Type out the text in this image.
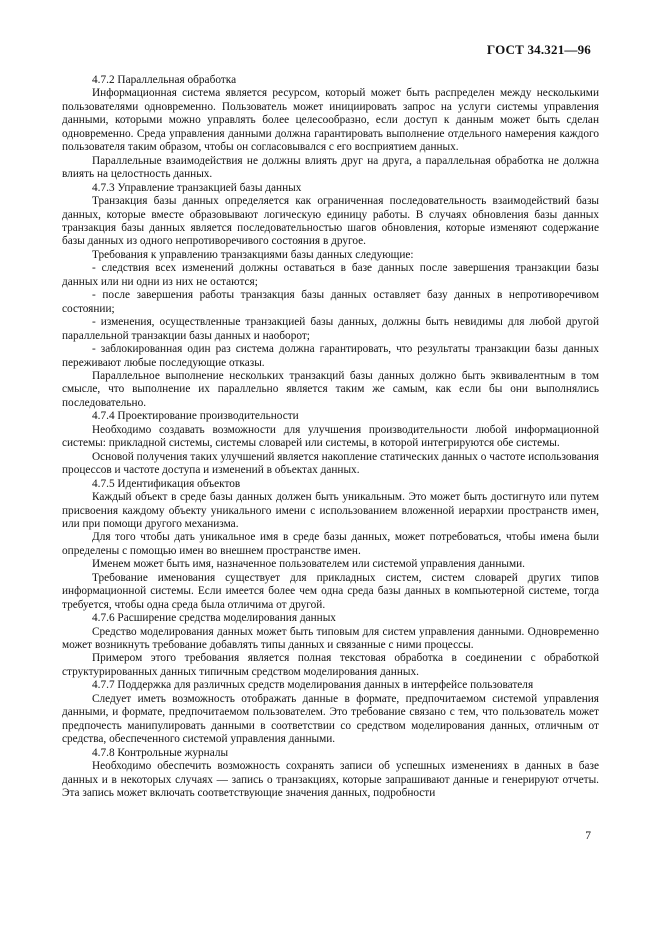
ГОСТ 34.321—96

4.7.2 Параллельная обработка

Информационная система является ресурсом, который может быть распределен между несколькими пользователями одновременно. Пользователь может инициировать запрос на услуги системы управления данными, которыми можно управлять более целесообразно, если доступ к данным может быть сделан одновременно. Среда управления данными должна гарантировать выполнение отдельного намерения каждого пользователя таким образом, чтобы он согласовывался с его восприятием данных.

Параллельные взаимодействия не должны влиять друг на друга, а параллельная обработка не должна влиять на целостность данных.

4.7.3 Управление транзакцией базы данных

Транзакция базы данных определяется как ограниченная последовательность взаимодействий базы данных, которые вместе образовывают логическую единицу работы. В случаях обновления базы данных транзакция базы данных является последовательностью шагов обновления, которые изменяют содержание базы данных из одного непротиворечивого состояния в другое.

Требования к управлению транзакциями базы данных следующие:

- следствия всех изменений должны оставаться в базе данных после завершения транзакции базы данных или ни одни из них не остаются;

- после завершения работы транзакция базы данных оставляет базу данных в непротиворечивом состоянии;

- изменения, осуществленные транзакцией базы данных, должны быть невидимы для любой другой параллельной транзакции базы данных и наоборот;

- заблокированная один раз система должна гарантировать, что результаты транзакции базы данных переживают любые последующие отказы.

Параллельное выполнение нескольких транзакций базы данных должно быть эквивалентным в том смысле, что выполнение их параллельно является таким же самым, как если бы они выполнялись последовательно.

4.7.4 Проектирование производительности

Необходимо создавать возможности для улучшения производительности любой информационной системы: прикладной системы, системы словарей или системы, в которой интегрируются обе системы.

Основой получения таких улучшений является накопление статических данных о частоте использования процессов и частоте доступа и изменений в объектах данных.

4.7.5 Идентификация объектов

Каждый объект в среде базы данных должен быть уникальным. Это может быть достигнуто или путем присвоения каждому объекту уникального имени с использованием вложенной иерархии пространств имен, или при помощи другого механизма.

Для того чтобы дать уникальное имя в среде базы данных, может потребоваться, чтобы имена были определены с помощью имен во внешнем пространстве имен.

Именем может быть имя, назначенное пользователем или системой управления данными.

Требование именования существует для прикладных систем, систем словарей других типов информационной системы. Если имеется более чем одна среда базы данных в компьютерной системе, тогда требуется, чтобы одна среда была отличима от другой.

4.7.6 Расширение средства моделирования данных

Средство моделирования данных может быть типовым для систем управления данными. Одновременно может возникнуть требование добавлять типы данных и связанные с ними процессы.

Примером этого требования является полная текстовая обработка в соединении с обработкой структурированных данных типичным средством моделирования данных.

4.7.7 Поддержка для различных средств моделирования данных в интерфейсе пользователя

Следует иметь возможность отображать данные в формате, предпочитаемом системой управления данными, и формате, предпочитаемом пользователем. Это требование связано с тем, что пользователь может предпочесть манипулировать данными в соответствии со средством моделирования данных, отличным от средства, обеспеченного системой управления данными.

4.7.8 Контрольные журналы

Необходимо обеспечить возможность сохранять записи об успешных изменениях в данных в базе данных и в некоторых случаях — запись о транзакциях, которые запрашивают данные и генерируют отчеты. Эта запись может включать соответствующие значения данных, подробности

7
